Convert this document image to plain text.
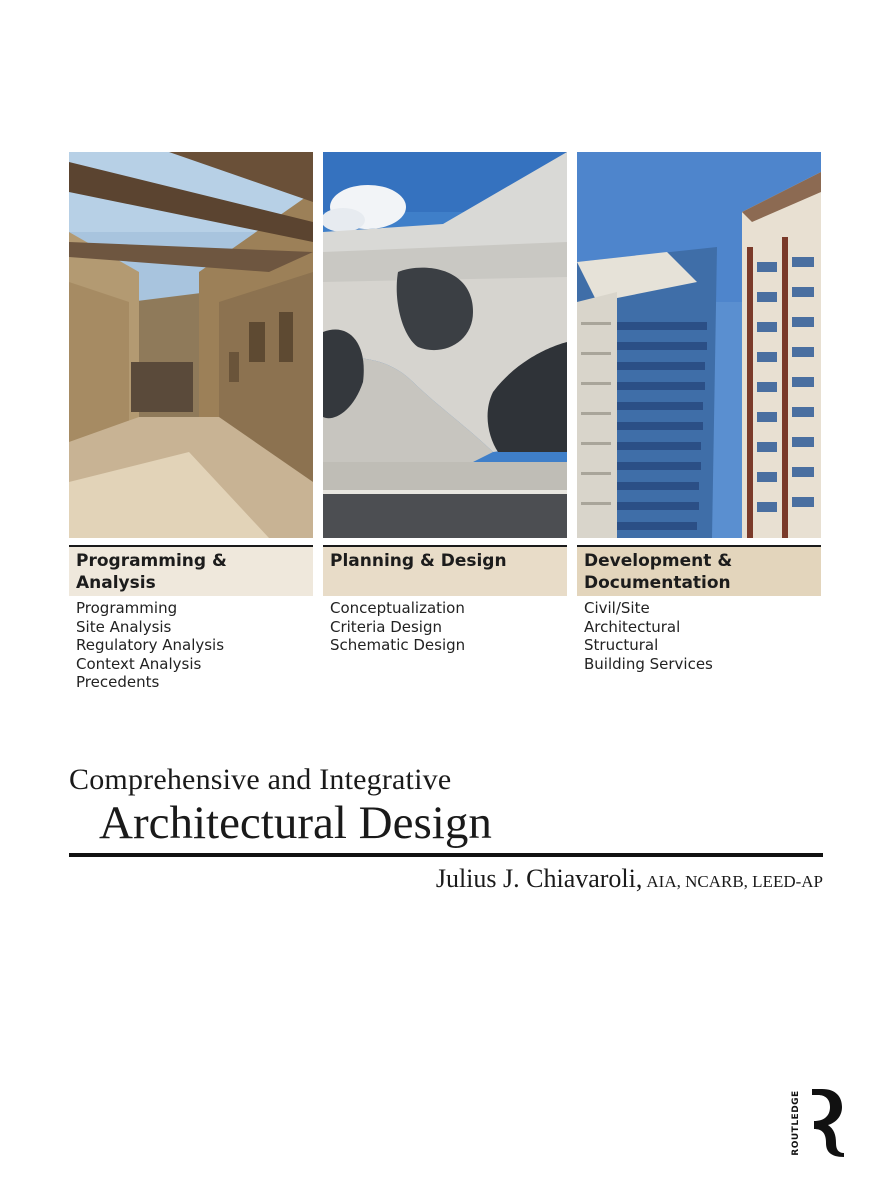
Programming &
Analysis
Planning & Design	Development &
Documentation
Programming
Site Analysis
Regulatory Analysis
Context Analysis
Precedents
Conceptualization
Criteria Design
Schematic Design
Civil/Site
Architectural
Structural
Building Services
Comprehensive and Integrative
Architectural Design
Julius J. Chiavaroli, AIA, NCARB, LEED-AP
ROUTLEDGE
